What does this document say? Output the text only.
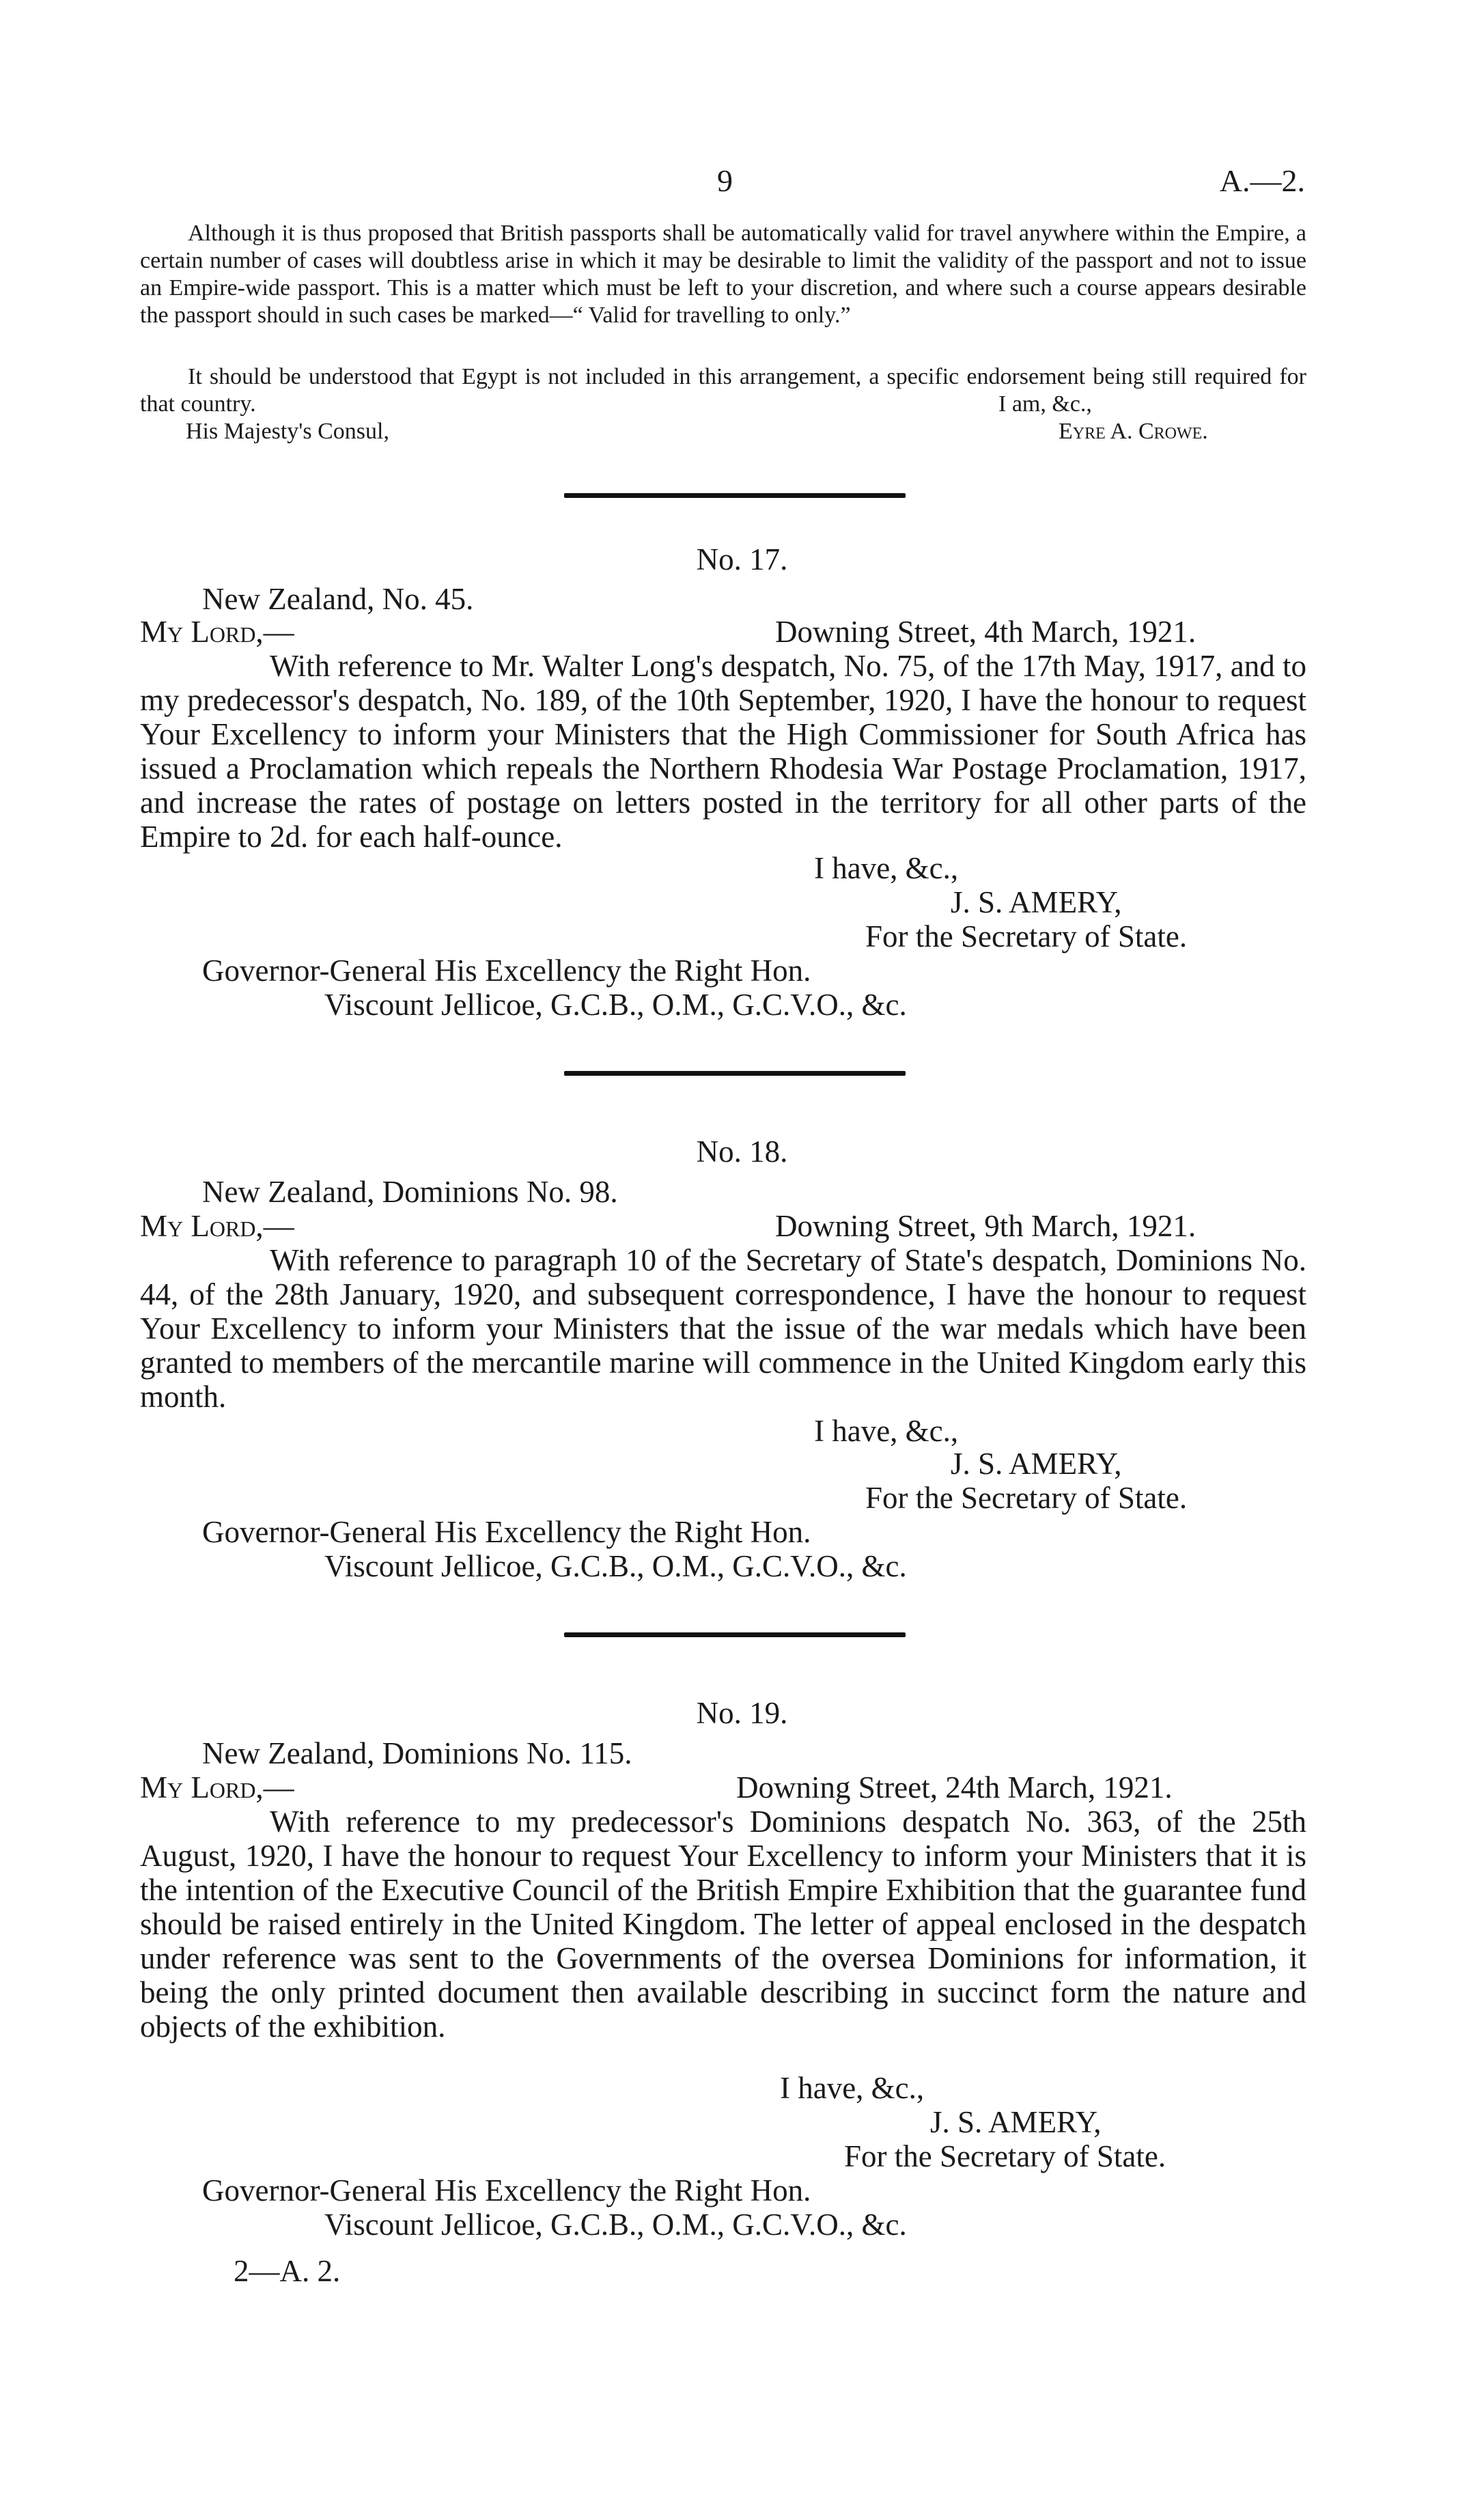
9	A.—2.

Although it is thus proposed that British passports shall be automatically valid for travel anywhere within the Empire, a certain number of cases will doubtless arise in which it may be desirable to limit the validity of the passport and not to issue an Empire-wide passport. This is a matter which must be left to your discretion, and where such a course appears desirable the passport should in such cases be marked—“ Valid for travelling to only.”

It should be understood that Egypt is not included in this arrangement, a specific endorsement being still required for that country.	I am, &c.,

His Majesty's Consul,	Eyre A. Crowe.

No. 17.

New Zealand, No. 45.

My Lord,—	Downing Street, 4th March, 1921.

With reference to Mr. Walter Long's despatch, No. 75, of the 17th May, 1917, and to my predecessor's despatch, No. 189, of the 10th September, 1920, I have the honour to request Your Excellency to inform your Ministers that the High Commissioner for South Africa has issued a Proclamation which repeals the Northern Rhodesia War Postage Proclamation, 1917, and increase the rates of postage on letters posted in the territory for all other parts of the Empire to 2d. for each half-ounce.

I have, &c.,

J. S. AMERY,

For the Secretary of State.

Governor-General His Excellency the Right Hon.

Viscount Jellicoe, G.C.B., O.M., G.C.V.O., &c.

No. 18.

New Zealand, Dominions No. 98.

My Lord,—	Downing Street, 9th March, 1921.

With reference to paragraph 10 of the Secretary of State's despatch, Dominions No. 44, of the 28th January, 1920, and subsequent correspondence, I have the honour to request Your Excellency to inform your Ministers that the issue of the war medals which have been granted to members of the mercantile marine will commence in the United Kingdom early this month.

I have, &c.,

J. S. AMERY,

For the Secretary of State.

Governor-General His Excellency the Right Hon.

Viscount Jellicoe, G.C.B., O.M., G.C.V.O., &c.

No. 19.

New Zealand, Dominions No. 115.

My Lord,—	Downing Street, 24th March, 1921.

With reference to my predecessor's Dominions despatch No. 363, of the 25th August, 1920, I have the honour to request Your Excellency to inform your Ministers that it is the intention of the Executive Council of the British Empire Exhibition that the guarantee fund should be raised entirely in the United Kingdom. The letter of appeal enclosed in the despatch under reference was sent to the Governments of the oversea Dominions for information, it being the only printed document then available describing in succinct form the nature and objects of the exhibition.

I have, &c.,

J. S. AMERY,

For the Secretary of State.

Governor-General His Excellency the Right Hon.

Viscount Jellicoe, G.C.B., O.M., G.C.V.O., &c.

2—A. 2.
